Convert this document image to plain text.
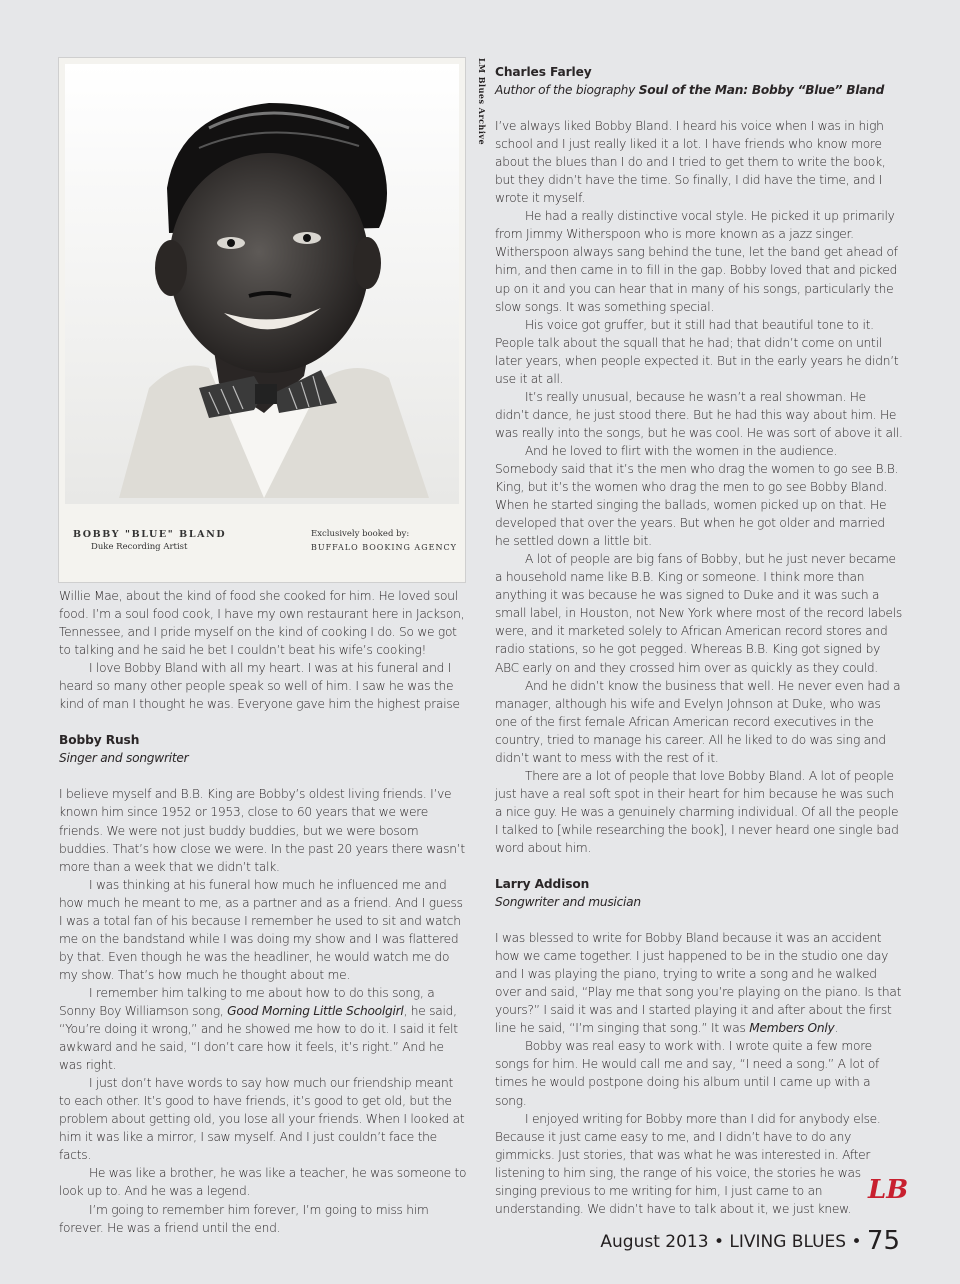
BOBBY "BLUE" BLAND
Duke Recording Artist
Exclusively booked by:
BUFFALO BOOKING AGENCY
LM Blues Archive

Willie Mae, about the kind of food she cooked for him. He loved soul food. I’m a soul food cook, I have my own restaurant here in Jackson, Tennessee, and I pride myself on the kind of cooking I do. So we got to talking and he said he bet I couldn’t beat his wife’s cooking!

I love Bobby Bland with all my heart. I was at his funeral and I heard so many other people speak so well of him. I saw he was the kind of man I thought he was. Everyone gave him the highest praise

Bobby Rush

Singer and songwriter

I believe myself and B.B. King are Bobby’s oldest living friends. I’ve known him since 1952 or 1953, close to 60 years that we were friends. We were not just buddy buddies, but we were bosom buddies. That’s how close we were. In the past 20 years there wasn’t more than a week that we didn’t talk.

I was thinking at his funeral how much he influenced me and how much he meant to me, as a partner and as a friend. And I guess I was a total fan of his because I remember he used to sit and watch me on the bandstand while I was doing my show and I was flattered by that. Even though he was the headliner, he would watch me do my show. That’s how much he thought about me.

I remember him talking to me about how to do this song, a Sonny Boy Williamson song, Good Morning Little Schoolgirl, he said, “You’re doing it wrong,” and he showed me how to do it. I said it felt awkward and he said, “I don’t care how it feels, it’s right.” And he was right.

I just don’t have words to say how much our friendship meant to each other. It’s good to have friends, it’s good to get old, but the problem about getting old, you lose all your friends. When I looked at him it was like a mirror, I saw myself. And I just couldn’t face the facts.

He was like a brother, he was like a teacher, he was someone to look up to. And he was a legend.

I’m going to remember him forever, I’m going to miss him forever. He was a friend until the end.

Charles Farley

Author of the biography Soul of the Man: Bobby “Blue” Bland

I’ve always liked Bobby Bland. I heard his voice when I was in high school and I just really liked it a lot. I have friends who know more about the blues than I do and I tried to get them to write the book, but they didn’t have the time. So finally, I did have the time, and I wrote it myself.

He had a really distinctive vocal style. He picked it up primarily from Jimmy Witherspoon who is more known as a jazz singer. Witherspoon always sang behind the tune, let the band get ahead of him, and then came in to fill in the gap. Bobby loved that and picked up on it and you can hear that in many of his songs, particularly the slow songs. It was something special.

His voice got gruffer, but it still had that beautiful tone to it. People talk about the squall that he had; that didn’t come on until later years, when people expected it. But in the early years he didn’t use it at all.

It’s really unusual, because he wasn’t a real showman. He didn’t dance, he just stood there. But he had this way about him. He was really into the songs, but he was cool. He was sort of above it all.

And he loved to flirt with the women in the audience. Somebody said that it’s the men who drag the women to go see B.B. King, but it’s the women who drag the men to go see Bobby Bland. When he started singing the ballads, women picked up on that. He developed that over the years. But when he got older and married he settled down a little bit.

A lot of people are big fans of Bobby, but he just never became a household name like B.B. King or someone. I think more than anything it was because he was signed to Duke and it was such a small label, in Houston, not New York where most of the record labels were, and it marketed solely to African American record stores and radio stations, so he got pegged. Whereas B.B. King got signed by ABC early on and they crossed him over as quickly as they could.

And he didn’t know the business that well. He never even had a manager, although his wife and Evelyn Johnson at Duke, who was one of the first female African American record executives in the country, tried to manage his career. All he liked to do was sing and didn’t want to mess with the rest of it.

There are a lot of people that love Bobby Bland. A lot of people just have a real soft spot in their heart for him because he was such a nice guy. He was a genuinely charming individual. Of all the people I talked to [while researching the book], I never heard one single bad word about him.

Larry Addison

Songwriter and musician

I was blessed to write for Bobby Bland because it was an accident how we came together. I just happened to be in the studio one day and I was playing the piano, trying to write a song and he walked over and said, “Play me that song you’re playing on the piano. Is that yours?” I said it was and I started playing it and after about the first line he said, “I’m singing that song.” It was Members Only.

Bobby was real easy to work with. I wrote quite a few more songs for him. He would call me and say, “I need a song.” A lot of times he would postpone doing his album until I came up with a song.

I enjoyed writing for Bobby more than I did for anybody else. Because it just came easy to me, and I didn’t have to do any gimmicks. Just stories, that was what he was interested in. After listening to him sing, the range of his voice, the stories he was singing previous to me writing for him, I just came to an understanding. We didn’t have to talk about it, we just knew.

LB
August 2013 • LIVING BLUES • 75
